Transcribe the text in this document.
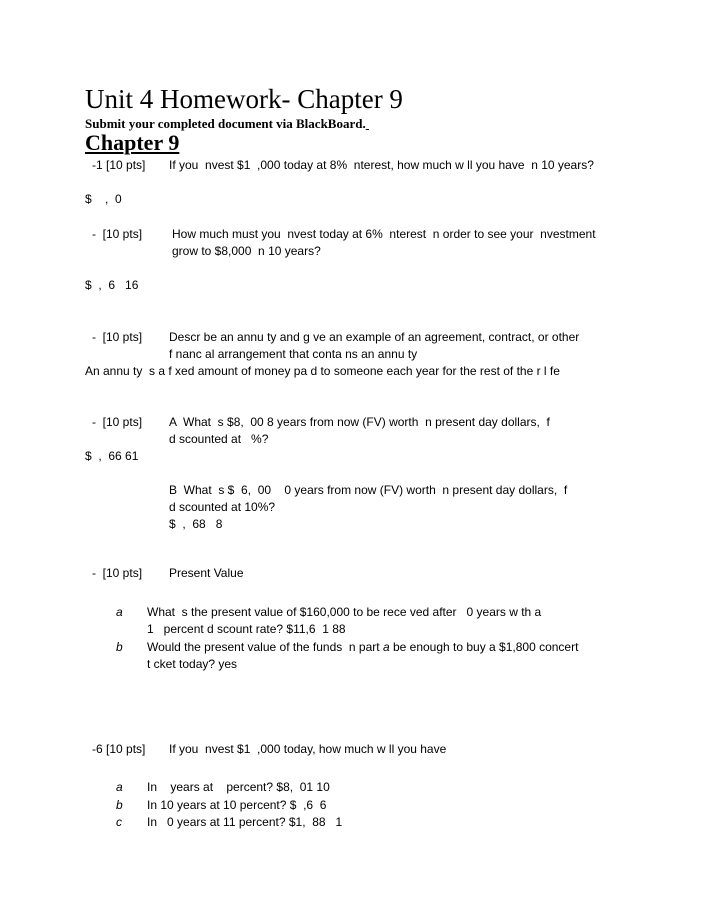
Unit 4 Homework- Chapter 9
Submit your completed document via BlackBoard.
Chapter 9
-1 [10 pts] If you  nvest $1  ,000 today at 8%  nterest, how much w ll you have  n 10 years?
$    ,  0
-  [10 pts] How much must you  nvest today at 6%  nterest  n order to see your  nvestment
grow to $8,000  n 10 years?
$  ,  6   16
-  [10 pts] Descr be an annu ty and g ve an example of an agreement, contract, or other
f nanc al arrangement that conta ns an annu ty
An annu ty  s a f xed amount of money pa d to someone each year for the rest of the r l fe
-  [10 pts] A  What  s $8,  00 8 years from now (FV) worth  n present day dollars,  f
d scounted at   %?
$  ,  66 61
B  What  s $  6,  00    0 years from now (FV) worth  n present day dollars,  f
d scounted at 10%?
$  ,  68   8
-  [10 pts] Present Value
a What  s the present value of $160,000 to be rece ved after   0 years w th a
1   percent d scount rate? $11,6  1 88
b Would the present value of the funds  n part a be enough to buy a $1,800 concert
t cket today? yes
-6 [10 pts] If you  nvest $1  ,000 today, how much w ll you have
a In    years at    percent? $8,  01 10
b In 10 years at 10 percent? $  ,6  6
c In   0 years at 11 percent? $1,  88   1
